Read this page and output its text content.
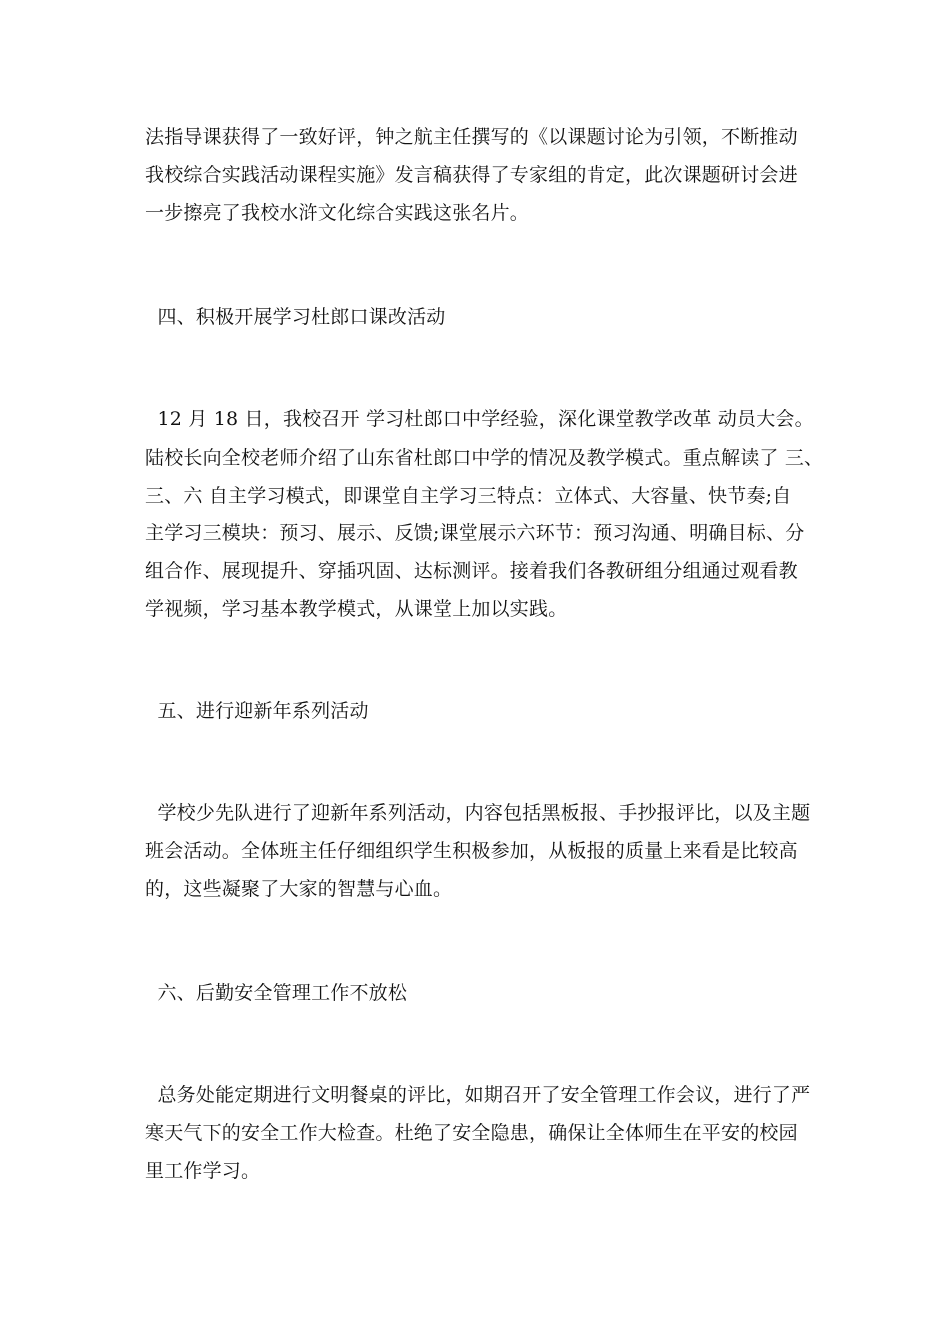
法指导课获得了一致好评，钟之航主任撰写的《以课题讨论为引领，不断推动
我校综合实践活动课程实施》发言稿获得了专家组的肯定，此次课题研讨会进
一步擦亮了我校水浒文化综合实践这张名片。
四、积极开展学习杜郎口课改活动
12 月 18 日，我校召开 学习杜郎口中学经验，深化课堂教学改革 动员大会。
陆校长向全校老师介绍了山东省杜郎口中学的情况及教学模式。重点解读了 三、
三、六 自主学习模式，即课堂自主学习三特点：立体式、大容量、快节奏;自
主学习三模块：预习、展示、反馈;课堂展示六环节：预习沟通、明确目标、分
组合作、展现提升、穿插巩固、达标测评。接着我们各教研组分组通过观看教
学视频，学习基本教学模式，从课堂上加以实践。
五、进行迎新年系列活动
学校少先队进行了迎新年系列活动，内容包括黑板报、手抄报评比，以及主题
班会活动。全体班主任仔细组织学生积极参加，从板报的质量上来看是比较高
的，这些凝聚了大家的智慧与心血。
六、后勤安全管理工作不放松
总务处能定期进行文明餐桌的评比，如期召开了安全管理工作会议，进行了严
寒天气下的安全工作大检查。杜绝了安全隐患，确保让全体师生在平安的校园
里工作学习。
